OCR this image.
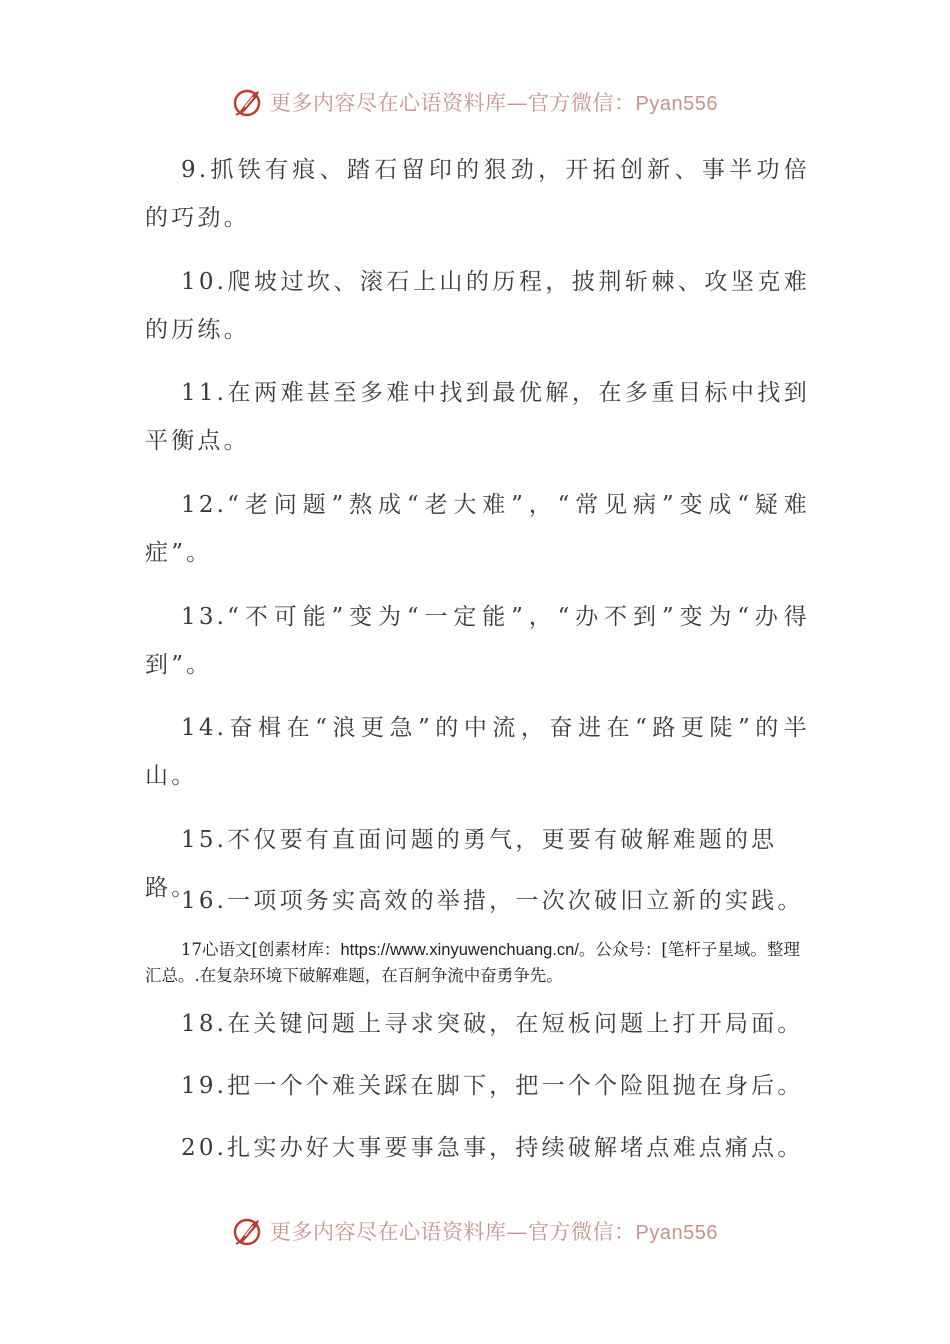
更多内容尽在心语资料库—官方微信：Pyan556

9.抓铁有痕、踏石留印的狠劲，开拓创新、事半功倍的巧劲。

10.爬坡过坎、滚石上山的历程，披荆斩棘、攻坚克难的历练。

11.在两难甚至多难中找到最优解，在多重目标中找到平衡点。

12.“老问题”熬成“老大难”，“常见病”变成“疑难症”。

13.“不可能”变为“一定能”，“办不到”变为“办得到”。

14.奋楫在“浪更急”的中流，奋进在“路更陡”的半山。

15.不仅要有直面问题的勇气，更要有破解难题的思路。

16.一项项务实高效的举措，一次次破旧立新的实践。

17心语文[创素材库：https://www.xinyuwenchuang.cn/。公众号：[笔杆子星域。整理汇总。.在复杂环境下破解难题，在百舸争流中奋勇争先。

18.在关键问题上寻求突破，在短板问题上打开局面。

19.把一个个难关踩在脚下，把一个个险阻抛在身后。

20.扎实办好大事要事急事，持续破解堵点难点痛点。

更多内容尽在心语资料库—官方微信：Pyan556
